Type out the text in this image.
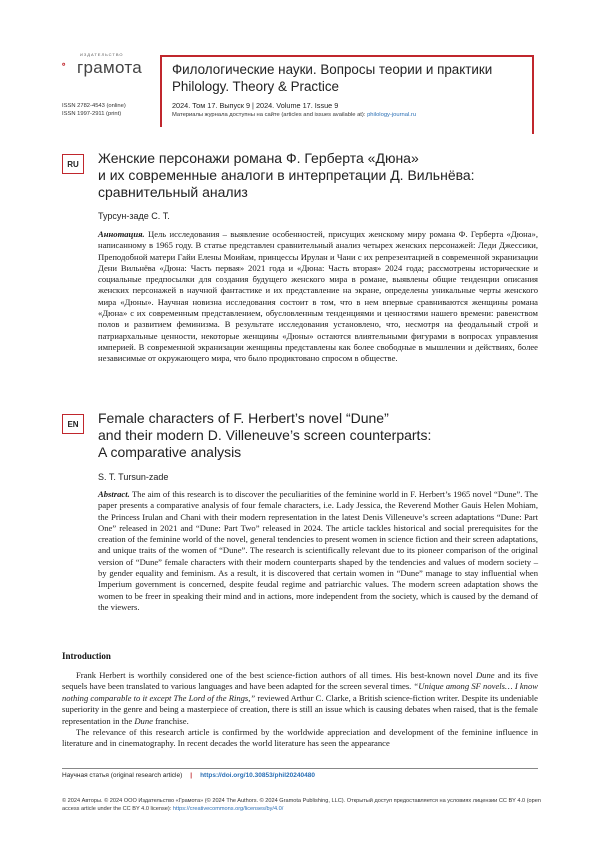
ИЗДАТЕЛЬСТВО
грамота
ISSN 2782-4543 (online)
ISSN 1997-2911 (print)
Филологические науки. Вопросы теории и практики
Philology. Theory & Practice
2024. Том 17. Выпуск 9 | 2024. Volume 17. Issue 9
Материалы журнала доступны на сайте (articles and issues available at): philology-journal.ru
RU	Женские персонажи романа Ф. Герберта «Дюна»
и их современные аналоги в интерпретации Д. Вильнёва:
сравнительный анализ
Турсун-заде С. Т.
Аннотация. Цель исследования – выявление особенностей, присущих женскому миру романа Ф. Герберта «Дюна», написанному в 1965 году. В статье представлен сравнительный анализ четырех женских персонажей: Леди Джессики, Преподобной матери Гайи Елены Моийам, принцессы Ирулан и Чани с их репрезентацией в современной экранизации Дени Вильнёва «Дюна: Часть первая» 2021 года и «Дюна: Часть вторая» 2024 года; рассмотрены исторические и социальные предпосылки для создания будущего женского мира в романе, выявлены общие тенденции описания женских персонажей в научной фантастике и их представление на экране, определены уникальные черты женского мира «Дюны». Научная новизна исследования состоит в том, что в нем впервые сравниваются женщины романа «Дюна» с их современным представлением, обусловленным тенденциями и ценностями нашего времени: равенством полов и развитием феминизма. В результате исследования установлено, что, несмотря на феодальный строй и патриархальные ценности, некоторые женщины «Дюны» остаются влиятельными фигурами в вопросах управления империей. В современной экранизации женщины представлены как более свободные в мышлении и действиях, более независимые от окружающего мира, что было продиктовано спросом в обществе.
EN	Female characters of F. Herbert’s novel “Dune”
and their modern D. Villeneuve’s screen counterparts:
A comparative analysis
S. T. Tursun-zade
Abstract. The aim of this research is to discover the peculiarities of the feminine world in F. Herbert’s 1965 novel “Dune”. The paper presents a comparative analysis of four female characters, i.e. Lady Jessica, the Reverend Mother Gauis Helen Mohiam, the Princess Irulan and Chani with their modern representation in the latest Denis Villeneuve’s screen adaptations “Dune: Part One” released in 2021 and “Dune: Part Two” released in 2024. The article tackles historical and social prerequisites for the creation of the feminine world of the novel, general tendencies to present women in science fiction and their screen adaptations, and unique traits of the women of “Dune”. The research is scientifically relevant due to its pioneer comparison of the original version of “Dune” female characters with their modern counterparts shaped by the tendencies and values of modern society – by gender equality and feminism. As a result, it is discovered that certain women in “Dune” manage to stay influential when Imperium government is concerned, despite feudal regime and patriarchic values. The modern screen adaptation shows the women to be freer in speaking their mind and in actions, more independent from the society, which is caused by the demand of the viewers.
Introduction

Frank Herbert is worthily considered one of the best science-fiction authors of all times. His best-known novel Dune and its five sequels have been translated to various languages and have been adapted for the screen several times. “Unique among SF novels… I know nothing comparable to it except The Lord of the Rings,” reviewed Arthur C. Clarke, a British science-fiction writer. Despite its undeniable superiority in the genre and being a masterpiece of creation, there is still an issue which is causing debates when raised, that is the female representation in the Dune franchise.

The relevance of this research article is confirmed by the worldwide appreciation and development of the feminine influence in literature and in cinematography. In recent decades the world literature has seen the appearance

Научная статья (original research article) | https://doi.org/10.30853/phil20240480
© 2024 Авторы. © 2024 ООО Издательство «Грамота» (© 2024 The Authors. © 2024 Gramota Publishing, LLC). Открытый доступ предоставляется на условиях лицензии CC BY 4.0 (open access article under the CC BY 4.0 license): https://creativecommons.org/licenses/by/4.0/
